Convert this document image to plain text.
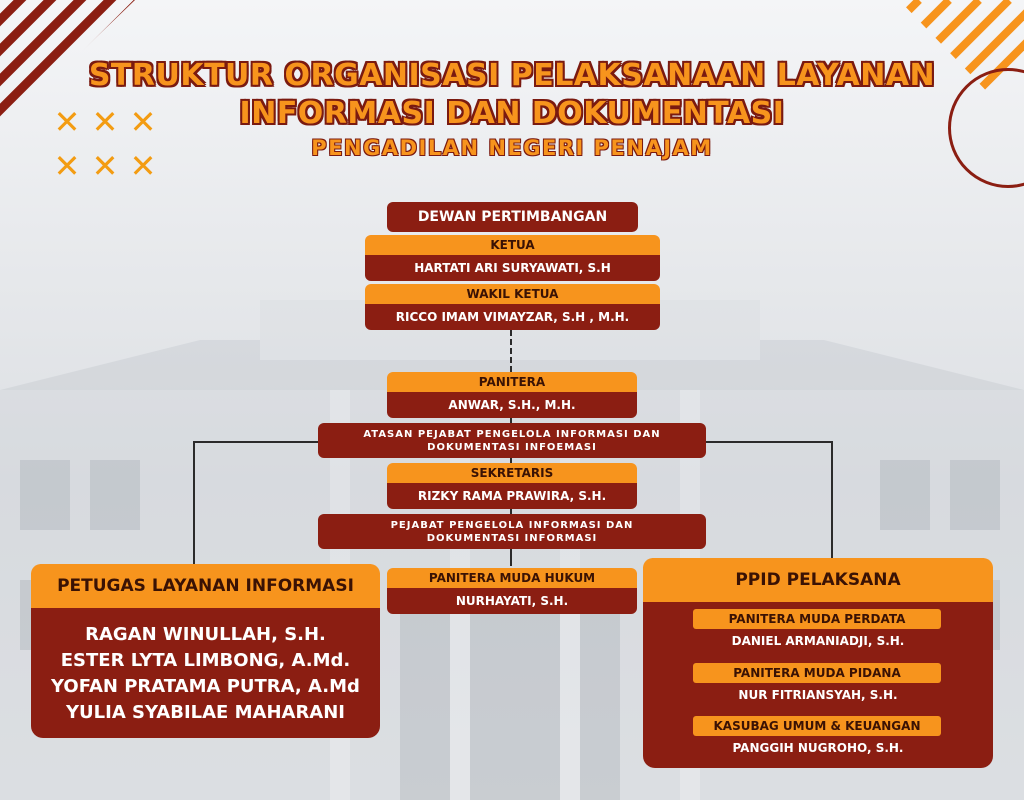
✕ ✕ ✕
✕ ✕ ✕
STRUKTUR ORGANISASI PELAKSANAAN LAYANAN
INFORMASI DAN DOKUMENTASI
PENGADILAN NEGERI PENAJAM
DEWAN PERTIMBANGAN
KETUA
HARTATI ARI SURYAWATI, S.H
WAKIL KETUA
RICCO IMAM VIMAYZAR, S.H , M.H.
PANITERA
ANWAR, S.H., M.H.
ATASAN PEJABAT PENGELOLA INFORMASI DAN
DOKUMENTASI INFOEMASI
SEKRETARIS
RIZKY RAMA PRAWIRA, S.H.
PEJABAT PENGELOLA INFORMASI DAN
DOKUMENTASI INFORMASI
PANITERA MUDA HUKUM
NURHAYATI, S.H.
PETUGAS LAYANAN INFORMASI
RAGAN WINULLAH, S.H.
ESTER LYTA LIMBONG, A.Md.
YOFAN PRATAMA PUTRA, A.Md
YULIA SYABILAE MAHARANI
PPID PELAKSANA
PANITERA MUDA PERDATA
DANIEL ARMANIADJI, S.H.
PANITERA MUDA PIDANA
NUR FITRIANSYAH, S.H.
KASUBAG UMUM & KEUANGAN
PANGGIH NUGROHO, S.H.
